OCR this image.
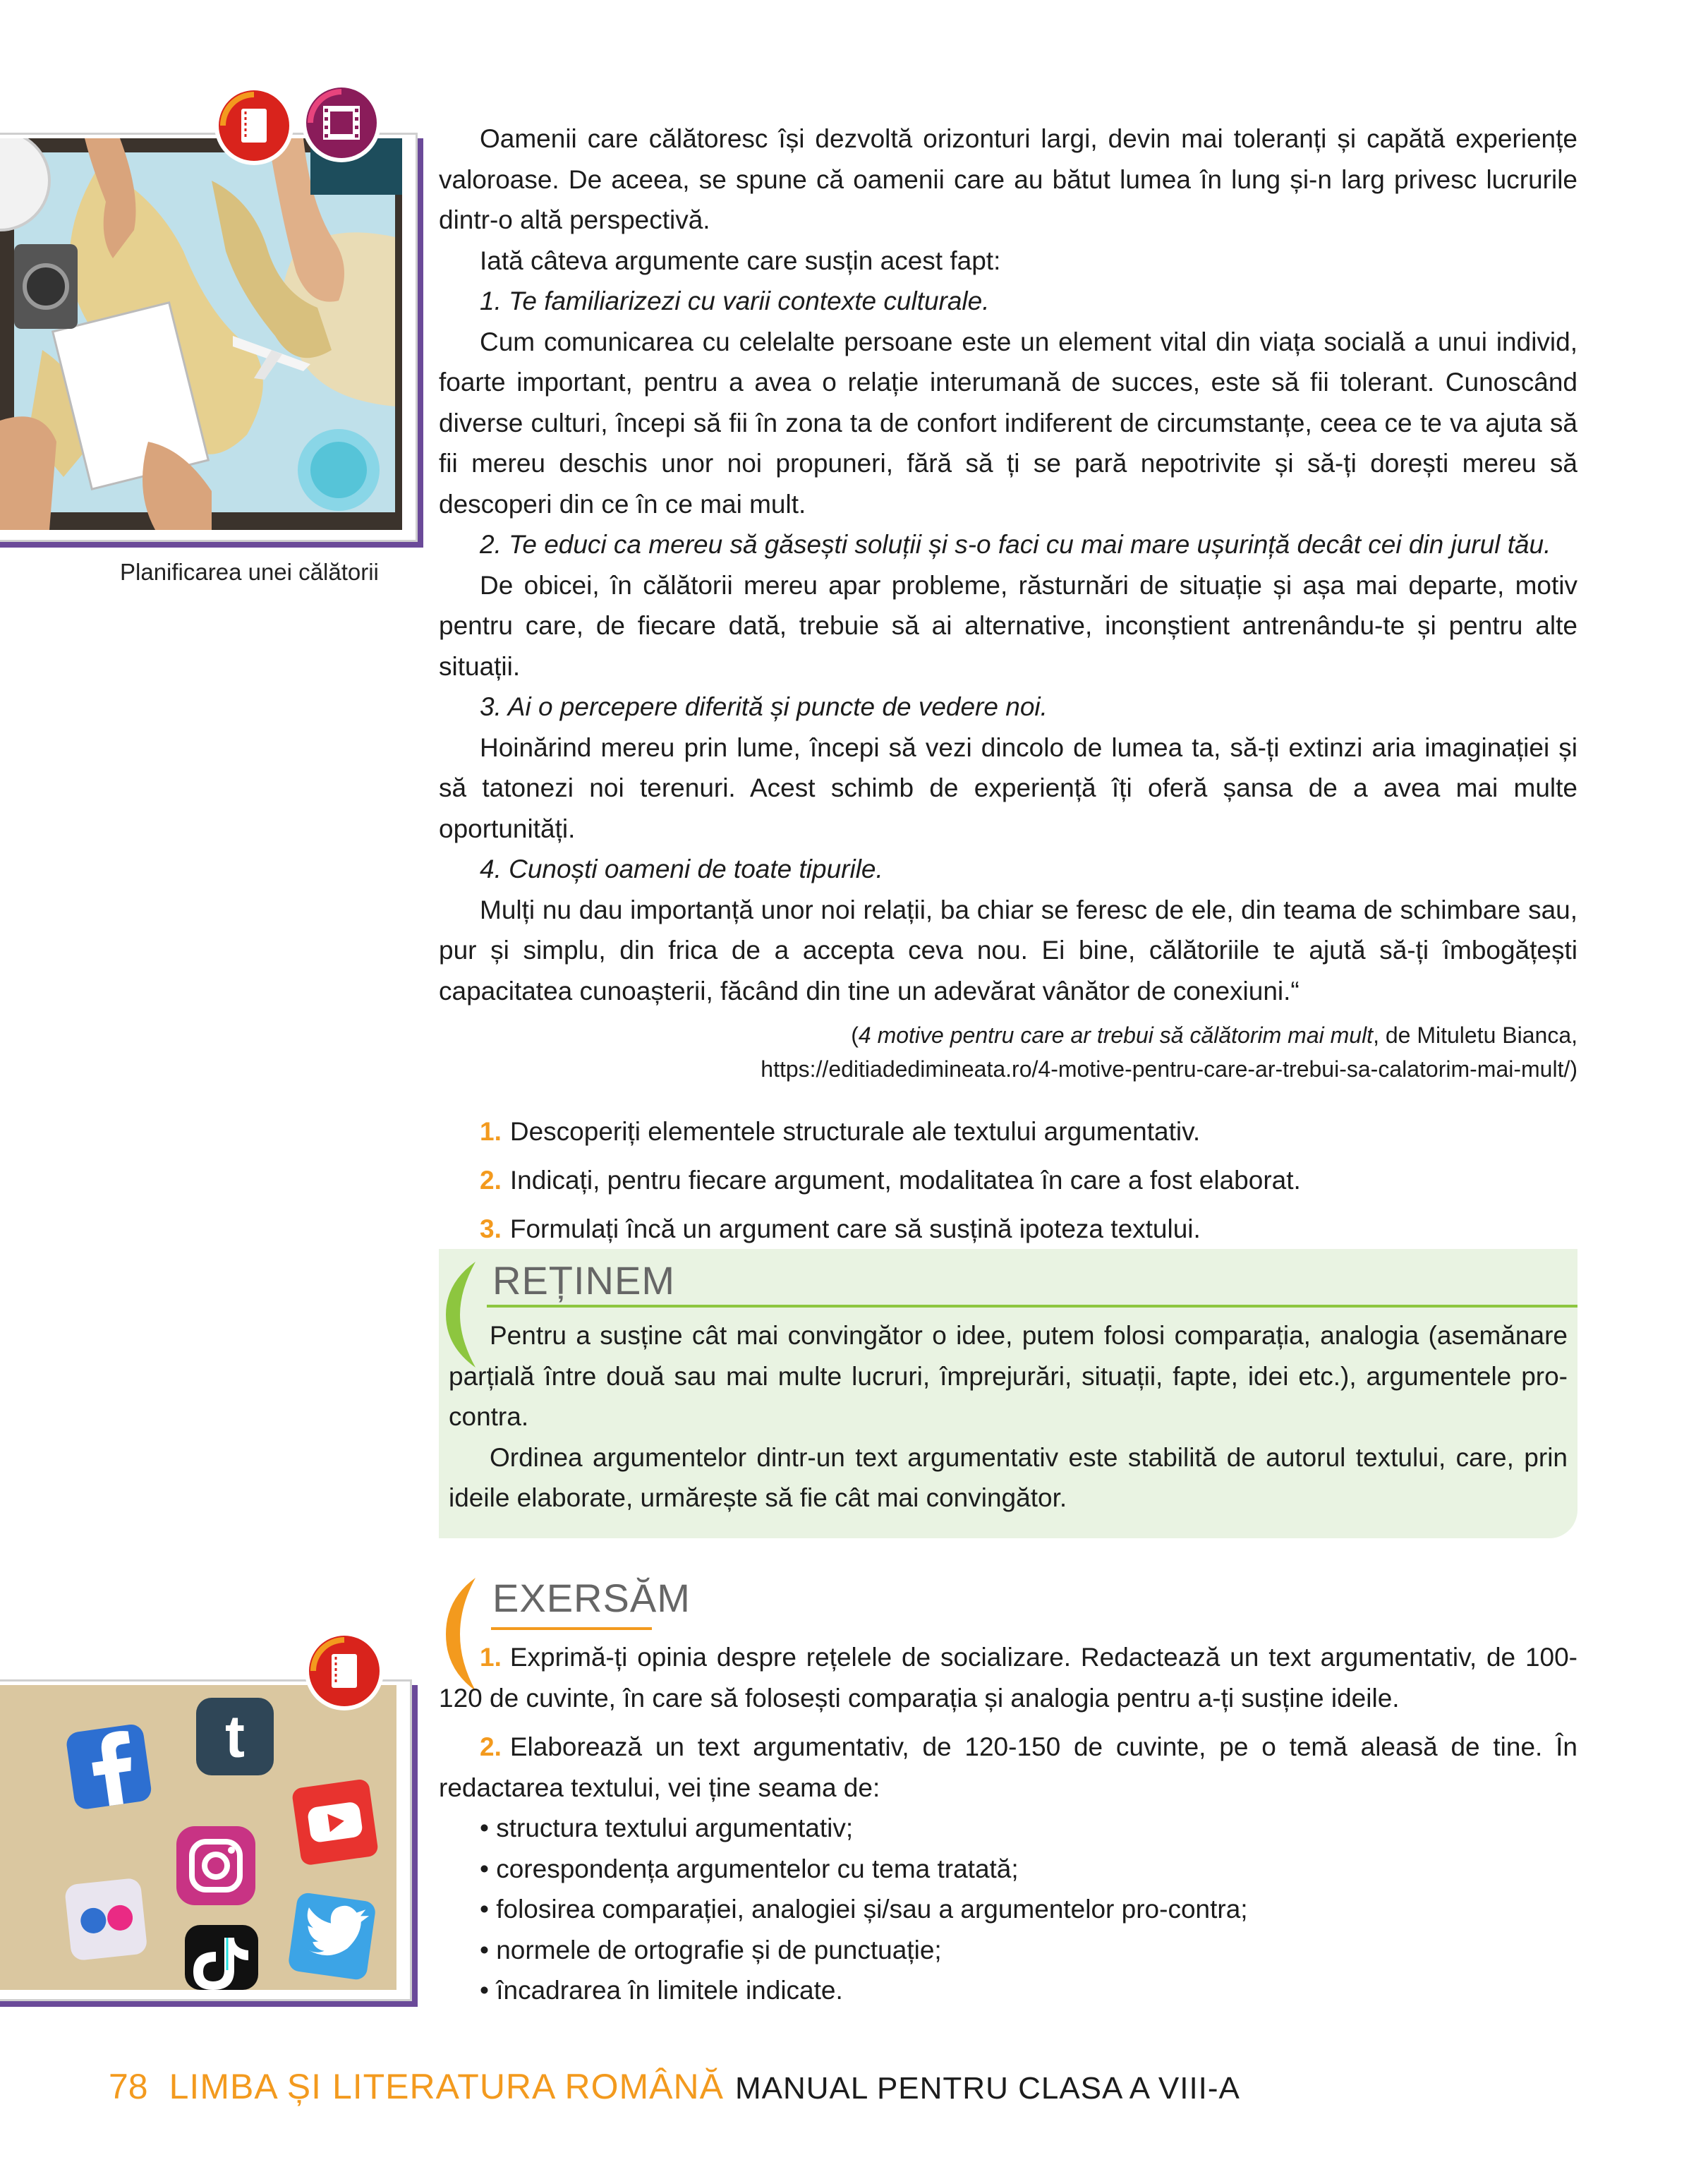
Planificarea unei călătorii

Oamenii care călătoresc își dezvoltă orizonturi largi, devin mai toleranți și capătă experiențe valoroase. De aceea, se spune că oamenii care au bătut lumea în lung și-n larg privesc lucrurile dintr-o altă perspectivă.

Iată câteva argumente care susțin acest fapt:

1. Te familiarizezi cu varii contexte culturale.

Cum comunicarea cu celelalte persoane este un element vital din viața socială a unui individ, foarte important, pentru a avea o relație interumană de succes, este să fii tolerant. Cunoscând diverse culturi, începi să fii în zona ta de confort indiferent de circumstanțe, ceea ce te va ajuta să fii mereu deschis unor noi propuneri, fără să ți se pară nepotrivite și să-ți dorești mereu să descoperi din ce în ce mai mult.

2. Te educi ca mereu să găsești soluții și s-o faci cu mai mare ușurință decât cei din jurul tău.

De obicei, în călătorii mereu apar probleme, răsturnări de situație și așa mai departe, motiv pentru care, de fiecare dată, trebuie să ai alternative, inconștient antrenându-te și pentru alte situații.

3. Ai o percepere diferită și puncte de vedere noi.

Hoinărind mereu prin lume, începi să vezi dincolo de lumea ta, să-ți extinzi aria imaginației și să tatonezi noi terenuri. Acest schimb de experiență îți oferă șansa de a avea mai multe oportunități.

4. Cunoști oameni de toate tipurile.

Mulți nu dau importanță unor noi relații, ba chiar se feresc de ele, din teama de schimbare sau, pur și simplu, din frica de a accepta ceva nou. Ei bine, călătoriile te ajută să-ți îmbogățești capacitatea cunoașterii, făcând din tine un adevărat vânător de conexiuni.“

(4 motive pentru care ar trebui să călătorim mai mult, de Mituletu Bianca,
https://editiadedimineata.ro/4-motive-pentru-care-ar-trebui-sa-calatorim-mai-mult/)
1. Descoperiți elementele structurale ale textului argumentativ.
2. Indicați, pentru fiecare argument, modalitatea în care a fost elaborat.
3. Formulați încă un argument care să susțină ipoteza textului.
REȚINEM

Pentru a susține cât mai convingător o idee, putem folosi comparația, analogia (asemănare parțială între două sau mai multe lucruri, împrejurări, situații, fapte, idei etc.), argumentele pro-contra.

Ordinea argumentelor dintr-un text argumentativ este stabilită de autorul textului, care, prin ideile elaborate, urmărește să fie cât mai convingător.

EXERSĂM

1. Exprimă-ți opinia despre rețelele de socializare. Redactează un text argumentativ, de 100-120 de cuvinte, în care să folosești comparația și analogia pentru a-ți susține ideile.

2. Elaborează un text argumentativ, de 120-150 de cuvinte, pe o temă aleasă de tine. În redactarea textului, vei ține seama de:

• structura textului argumentativ;
• corespondența argumentelor cu tema tratată;
• folosirea comparației, analogiei și/sau a argumentelor pro-contra;
• normele de ortografie și de punctuație;
• încadrarea în limitele indicate.
t
78 LIMBA ȘI LITERATURA ROMÂNĂ MANUAL PENTRU CLASA A VIII-A
